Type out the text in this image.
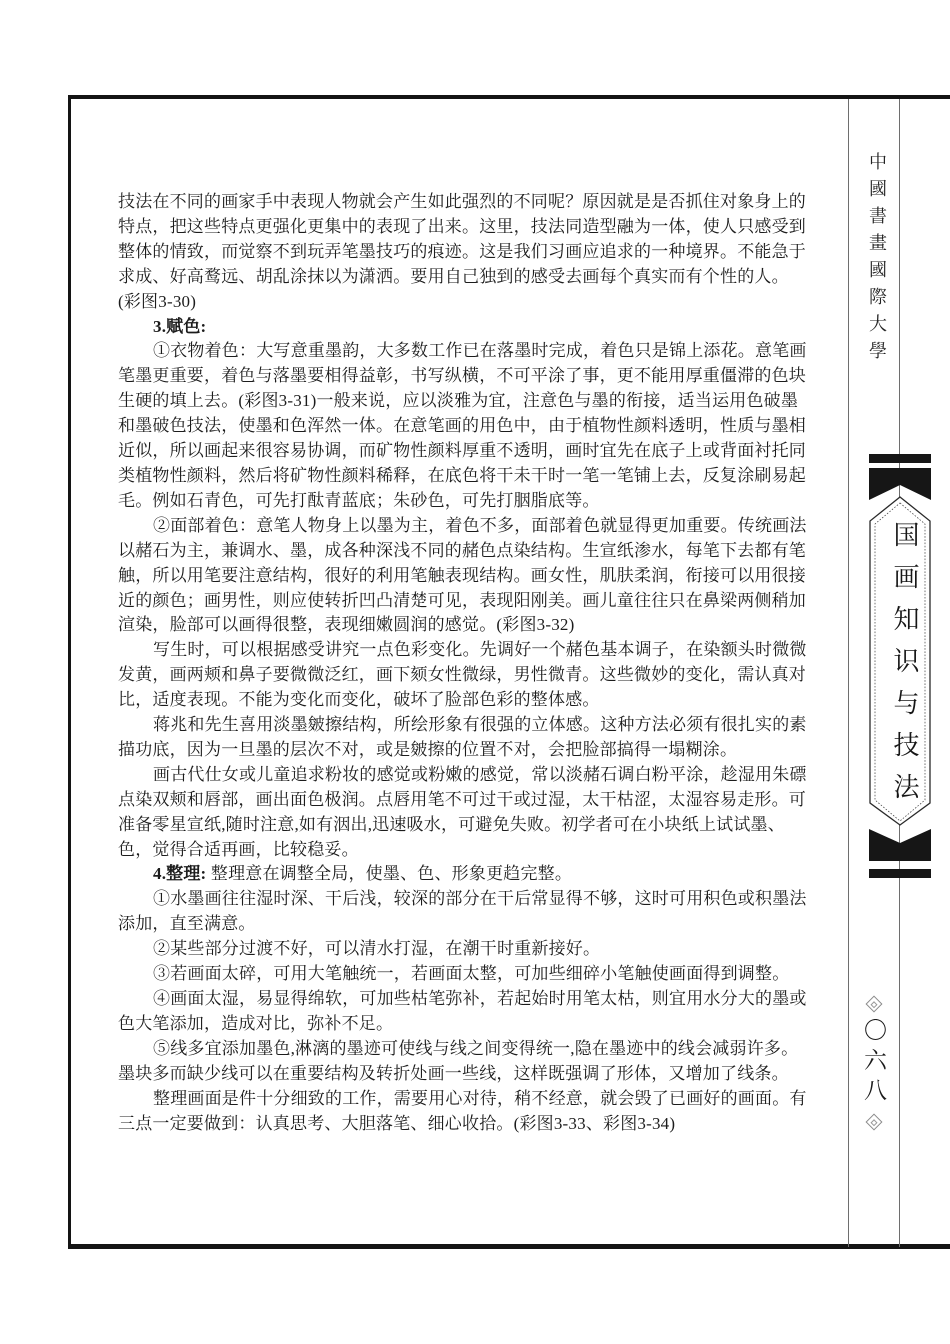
技法在不同的画家手中表现人物就会产生如此强烈的不同呢？原因就是是否抓住对象身上的
特点，把这些特点更强化更集中的表现了出来。这里，技法同造型融为一体，使人只感受到
整体的情致，而觉察不到玩弄笔墨技巧的痕迹。这是我们习画应追求的一种境界。不能急于
求成、好高鹜远、胡乱涂抹以为潇洒。要用自己独到的感受去画每个真实而有个性的人。
(彩图3-30)
3.赋色:
①衣物着色：大写意重墨韵，大多数工作已在落墨时完成，着色只是锦上添花。意笔画
笔墨更重要，着色与落墨要相得益彰，书写纵横，不可平涂了事，更不能用厚重僵滞的色块
生硬的填上去。(彩图3-31)一般来说，应以淡雅为宜，注意色与墨的衔接，适当运用色破墨
和墨破色技法，使墨和色浑然一体。在意笔画的用色中，由于植物性颜料透明，性质与墨相
近似，所以画起来很容易协调，而矿物性颜料厚重不透明，画时宜先在底子上或背面衬托同
类植物性颜料，然后将矿物性颜料稀释，在底色将干未干时一笔一笔铺上去，反复涂刷易起
毛。例如石青色，可先打酞青蓝底；朱砂色，可先打胭脂底等。
②面部着色：意笔人物身上以墨为主，着色不多，面部着色就显得更加重要。传统画法
以赭石为主，兼调水、墨，成各种深浅不同的赭色点染结构。生宣纸渗水，每笔下去都有笔
触，所以用笔要注意结构，很好的利用笔触表现结构。画女性，肌肤柔润，衔接可以用很接
近的颜色；画男性，则应使转折凹凸清楚可见，表现阳刚美。画儿童往往只在鼻梁两侧稍加
渲染，脸部可以画得很整，表现细嫩圆润的感觉。(彩图3-32)
写生时，可以根据感受讲究一点色彩变化。先调好一个赭色基本调子，在染额头时微微
发黄，画两颊和鼻子要微微泛红，画下颏女性微绿，男性微青。这些微妙的变化，需认真对
比，适度表现。不能为变化而变化，破坏了脸部色彩的整体感。
蒋兆和先生喜用淡墨皴擦结构，所绘形象有很强的立体感。这种方法必须有很扎实的素
描功底，因为一旦墨的层次不对，或是皴擦的位置不对，会把脸部搞得一塌糊涂。
画古代仕女或儿童追求粉妆的感觉或粉嫩的感觉，常以淡赭石调白粉平涂，趁湿用朱磦
点染双颊和唇部，画出面色极润。点唇用笔不可过干或过湿，太干枯涩，太湿容易走形。可
准备零星宣纸,随时注意,如有洇出,迅速吸水，可避免失败。初学者可在小块纸上试试墨、
色，觉得合适再画，比较稳妥。
4.整理: 整理意在调整全局，使墨、色、形象更趋完整。
①水墨画往往湿时深、干后浅，较深的部分在干后常显得不够，这时可用积色或积墨法
添加，直至满意。
②某些部分过渡不好，可以清水打湿，在潮干时重新接好。
③若画面太碎，可用大笔触统一，若画面太整，可加些细碎小笔触使画面得到调整。
④画面太湿，易显得绵软，可加些枯笔弥补，若起始时用笔太枯，则宜用水分大的墨或
色大笔添加，造成对比，弥补不足。
⑤线多宜添加墨色,淋漓的墨迹可使线与线之间变得统一,隐在墨迹中的线会减弱许多。
墨块多而缺少线可以在重要结构及转折处画一些线，这样既强调了形体，又增加了线条。
整理画面是件十分细致的工作，需要用心对待，稍不经意，就会毁了已画好的画面。有
三点一定要做到：认真思考、大胆落笔、细心收拾。(彩图3-33、彩图3-34)
中國書畫國際大學
国画知识与技法
〇六八
